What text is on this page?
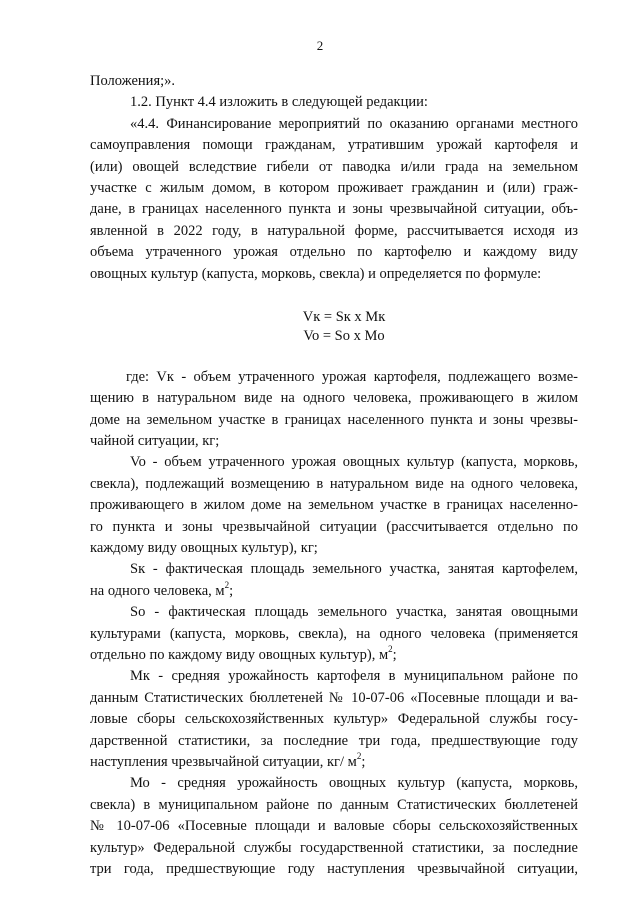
2
Положения;».
1.2. Пункт 4.4 изложить в следующей редакции:
«4.4. Финансирование мероприятий по оказанию органами местного
самоуправления помощи гражданам, утратившим урожай картофеля и
(или) овощей вследствие гибели от паводка и/или града на земельном
участке с жилым домом, в котором проживает гражданин и (или) граж-
дане, в границах населенного пункта и зоны чрезвычайной ситуации, объ-
явленной в 2022 году, в натуральной форме, рассчитывается исходя из
объема утраченного урожая отдельно по картофелю и каждому виду
овощных культур (капуста, морковь, свекла) и определяется по формуле:
Vк = Sк x Мк
Vo = So x Мo
где: Vк - объем утраченного урожая картофеля, подлежащего возме-
щению в натуральном виде на одного человека, проживающего в жилом
доме на земельном участке в границах населенного пункта и зоны чрезвы-
чайной ситуации, кг;
Vo - объем утраченного урожая овощных культур (капуста, морковь,
свекла), подлежащий возмещению в натуральном виде на одного человека,
проживающего в жилом доме на земельном участке в границах населенно-
го пункта и зоны чрезвычайной ситуации (рассчитывается отдельно по
каждому виду овощных культур), кг;
Sк - фактическая площадь земельного участка, занятая картофелем,
на одного человека, $м^2$;
So - фактическая площадь земельного участка, занятая овощными
культурами (капуста, морковь, свекла), на одного человека (применяется
отдельно по каждому виду овощных культур), $м^2$;
Мк - средняя урожайность картофеля в муниципальном районе по
данным Статистических бюллетеней № 10-07-06 «Посевные площади и ва-
ловые сборы сельскохозяйственных культур» Федеральной службы госу-
дарственной статистики, за последние три года, предшествующие году
наступления чрезвычайной ситуации, кг/ $м^2$;
Мо - средняя урожайность овощных культур (капуста, морковь,
свекла) в муниципальном районе по данным Статистических бюллетеней
№ 10-07-06 «Посевные площади и валовые сборы сельскохозяйственных
культур» Федеральной службы государственной статистики, за последние
три года, предшествующие году наступления чрезвычайной ситуации,
